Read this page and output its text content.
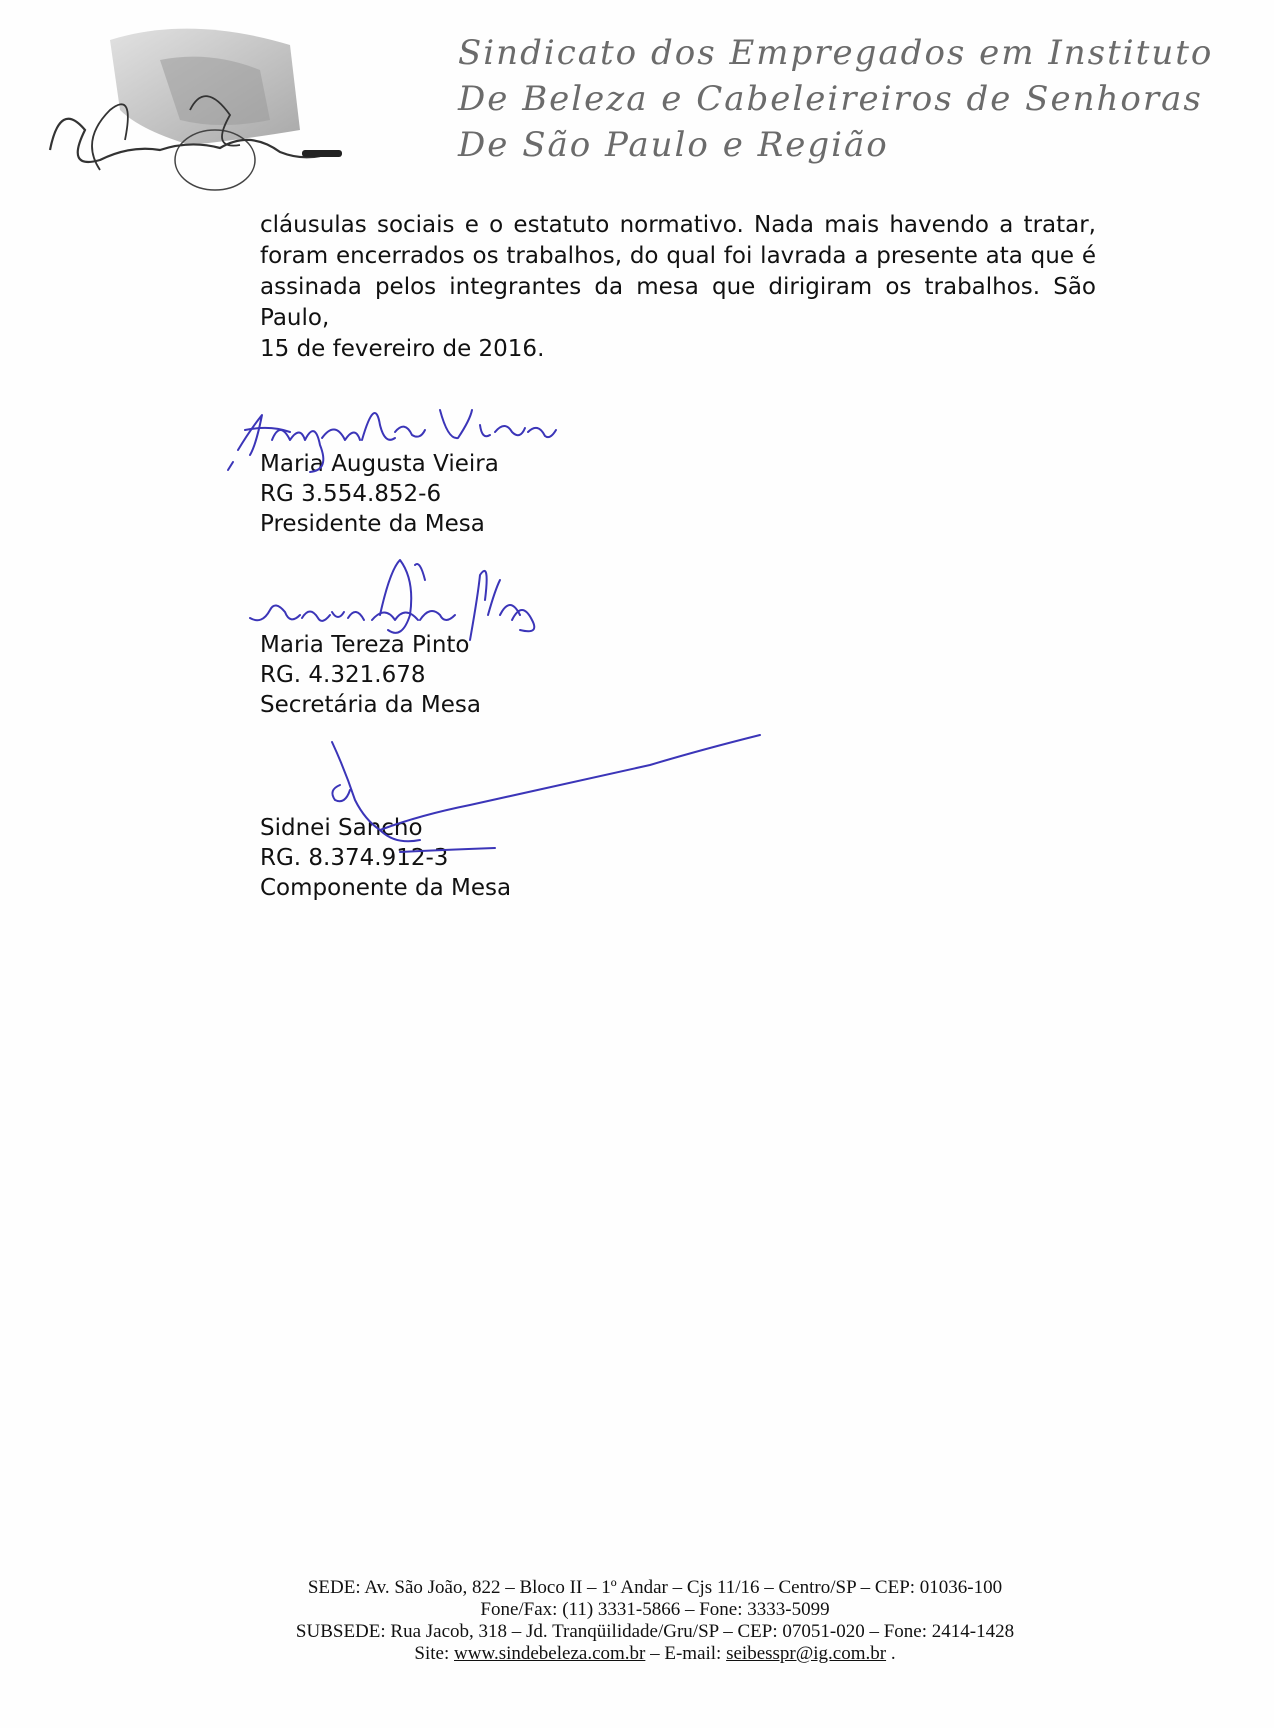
Sindicato dos Empregados em Instituto
De Beleza e Cabeleireiros de Senhoras
De São Paulo e Região
cláusulas sociais e o estatuto normativo. Nada mais havendo a tratar, foram encerrados os trabalhos, do qual foi lavrada a presente ata que é assinada pelos integrantes da mesa que dirigiram os trabalhos. São Paulo,
15 de fevereiro de 2016.
Maria Augusta Vieira
RG 3.554.852-6
Presidente da Mesa
Maria Tereza Pinto
RG. 4.321.678
Secretária da Mesa
Sidnei Sancho
RG. 8.374.912-3
Componente da Mesa
SEDE: Av. São João, 822 – Bloco II – 1º Andar – Cjs 11/16 – Centro/SP – CEP: 01036-100
Fone/Fax: (11) 3331-5866 – Fone: 3333-5099
SUBSEDE: Rua Jacob, 318 – Jd. Tranqüilidade/Gru/SP – CEP: 07051-020 – Fone: 2414-1428
Site: www.sindebeleza.com.br – E-mail: seibesspr@ig.com.br .
